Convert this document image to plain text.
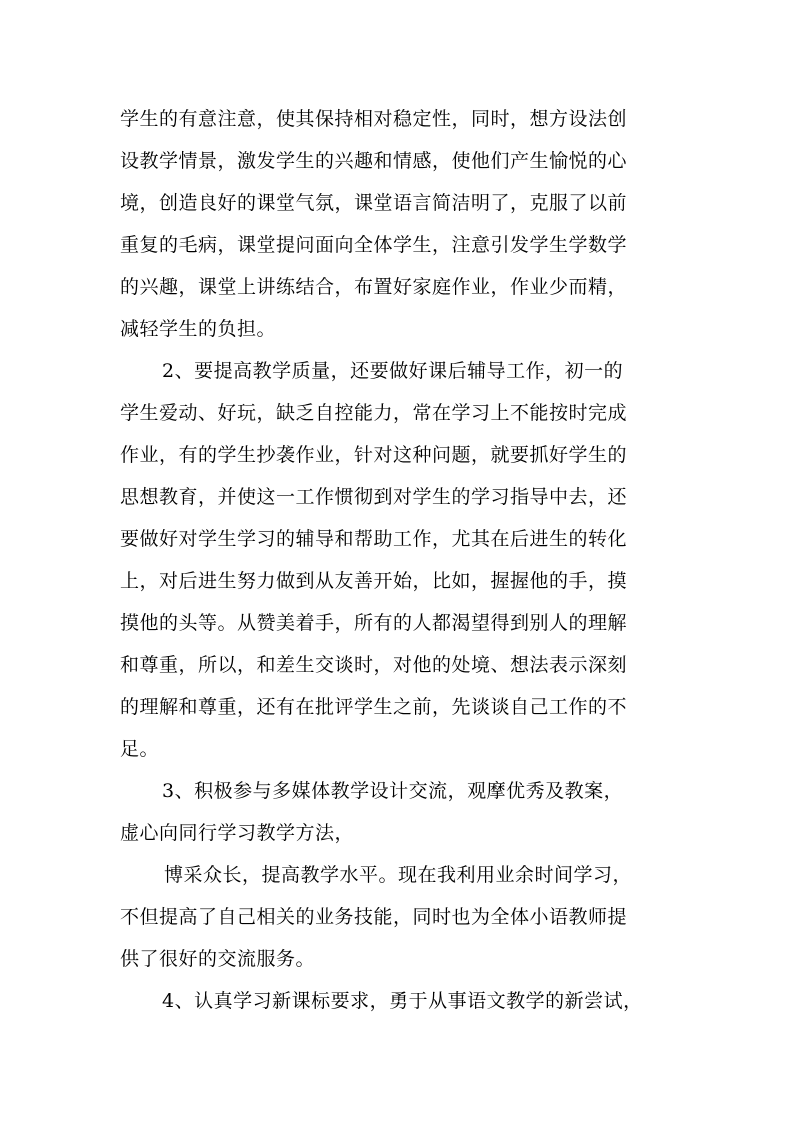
学生的有意注意，使其保持相对稳定性，同时，想方设法创
设教学情景，激发学生的兴趣和情感，使他们产生愉悦的心
境，创造良好的课堂气氛，课堂语言简洁明了，克服了以前
重复的毛病，课堂提问面向全体学生，注意引发学生学数学
的兴趣，课堂上讲练结合，布置好家庭作业，作业少而精，
减轻学生的负担。
2、要提高教学质量，还要做好课后辅导工作，初一的
学生爱动、好玩，缺乏自控能力，常在学习上不能按时完成
作业，有的学生抄袭作业，针对这种问题，就要抓好学生的
思想教育，并使这一工作惯彻到对学生的学习指导中去，还
要做好对学生学习的辅导和帮助工作，尤其在后进生的转化
上，对后进生努力做到从友善开始，比如，握握他的手，摸
摸他的头等。从赞美着手，所有的人都渴望得到别人的理解
和尊重，所以，和差生交谈时，对他的处境、想法表示深刻
的理解和尊重，还有在批评学生之前，先谈谈自己工作的不
足。
3、积极参与多媒体教学设计交流，观摩优秀及教案，
虚心向同行学习教学方法，
博采众长，提高教学水平。现在我利用业余时间学习，
不但提高了自己相关的业务技能，同时也为全体小语教师提
供了很好的交流服务。
4、认真学习新课标要求，勇于从事语文教学的新尝试，
